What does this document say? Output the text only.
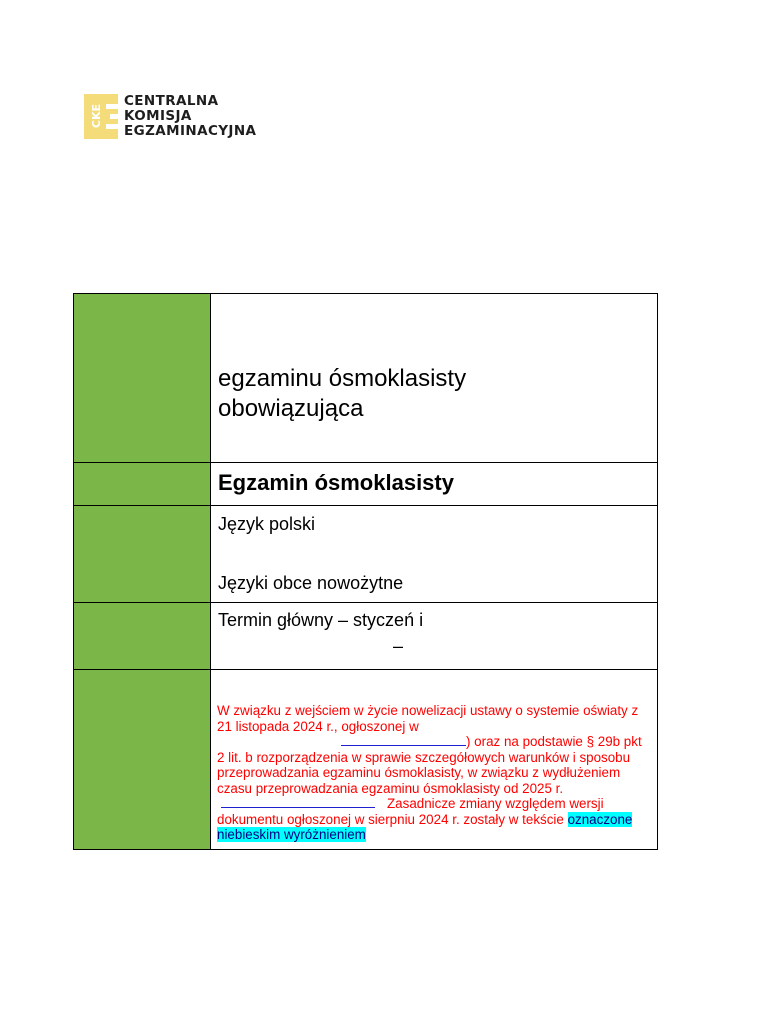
CKE
CENTRALNA
KOMISJA
EGZAMINACYJNA

	egzaminu ósmoklasisty
obowiązująca

	Egzamin ósmoklasisty

	Język polski
Języki obce nowożytne

	Termin główny – styczeń i
–

	W związku z wejściem w życie nowelizacji ustawy o systemie oświaty z 21 listopada 2024 r., ogłoszonej w
) oraz na podstawie § 29b pkt 2 lit. b rozporządzenia w sprawie szczegółowych warunków i sposobu przeprowadzania egzaminu ósmoklasisty, w związku z wydłużeniem czasu przeprowadzania egzaminu ósmoklasisty od 2025 r.
Zasadnicze zmiany względem wersji dokumentu ogłoszonej w sierpniu 2024 r. zostały w tekście oznaczone niebieskim wyróżnieniem
